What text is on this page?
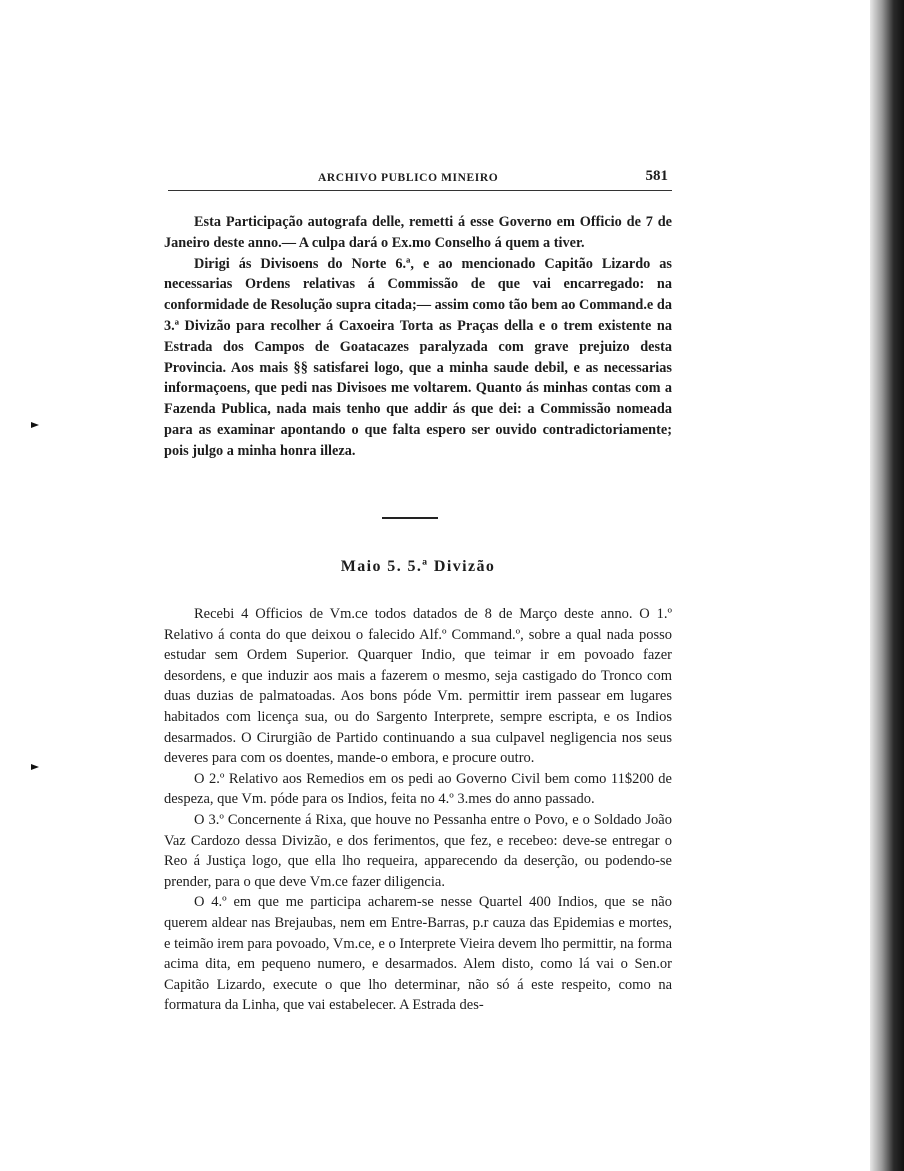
ARCHIVO PUBLICO MINEIRO	581

Esta Participação autografa delle, remetti á esse Governo em Officio de 7 de Janeiro deste anno.— A culpa dará o Ex.mo Conselho á quem a tiver.

Dirigi ás Divisoens do Norte 6.ª, e ao mencionado Capitão Lizardo as necessarias Ordens relativas á Commissão de que vai encarregado: na conformidade de Resolução supra citada;— assim como tão bem ao Command.e da 3.ª Divizão para recolher á Caxoeira Torta as Praças della e o trem existente na Estrada dos Campos de Goatacazes paralyzada com grave prejuizo desta Provincia. Aos mais §§ satisfarei logo, que a minha saude debil, e as necessarias informaçoens, que pedi nas Divisoes me voltarem. Quanto ás minhas contas com a Fazenda Publica, nada mais tenho que addir ás que dei: a Commissão nomeada para as examinar apontando o que falta espero ser ouvido contradictoriamente; pois julgo a minha honra illeza.

Maio 5. 5.ª Divizão

Recebi 4 Officios de Vm.ce todos datados de 8 de Março deste anno. O 1.º Relativo á conta do que deixou o falecido Alf.º Command.º, sobre a qual nada posso estudar sem Ordem Superior. Quarquer Indio, que teimar ir em povoado fazer desordens, e que induzir aos mais a fazerem o mesmo, seja castigado do Tronco com duas duzias de palmatoadas. Aos bons póde Vm. permittir irem passear em lugares habitados com licença sua, ou do Sargento Interprete, sempre escripta, e os Indios desarmados. O Cirurgião de Partido continuando a sua culpavel negligencia nos seus deveres para com os doentes, mande-o embora, e procure outro.

O 2.º Relativo aos Remedios em os pedi ao Governo Civil bem como 11$200 de despeza, que Vm. póde para os Indios, feita no 4.º 3.mes do anno passado.

O 3.º Concernente á Rixa, que houve no Pessanha entre o Povo, e o Soldado João Vaz Cardozo dessa Divizão, e dos ferimentos, que fez, e recebeo: deve-se entregar o Reo á Justiça logo, que ella lho requeira, apparecendo da deserção, ou podendo-se prender, para o que deve Vm.ce fazer diligencia.

O 4.º em que me participa acharem-se nesse Quartel 400 Indios, que se não querem aldear nas Brejaubas, nem em Entre-Barras, p.r cauza das Epidemias e mortes, e teimão irem para povoado, Vm.ce, e o Interprete Vieira devem lho permittir, na forma acima dita, em pequeno numero, e desarmados. Alem disto, como lá vai o Sen.or Capitão Lizardo, execute o que lho determinar, não só á este respeito, como na formatura da Linha, que vai estabelecer. A Estrada des-
